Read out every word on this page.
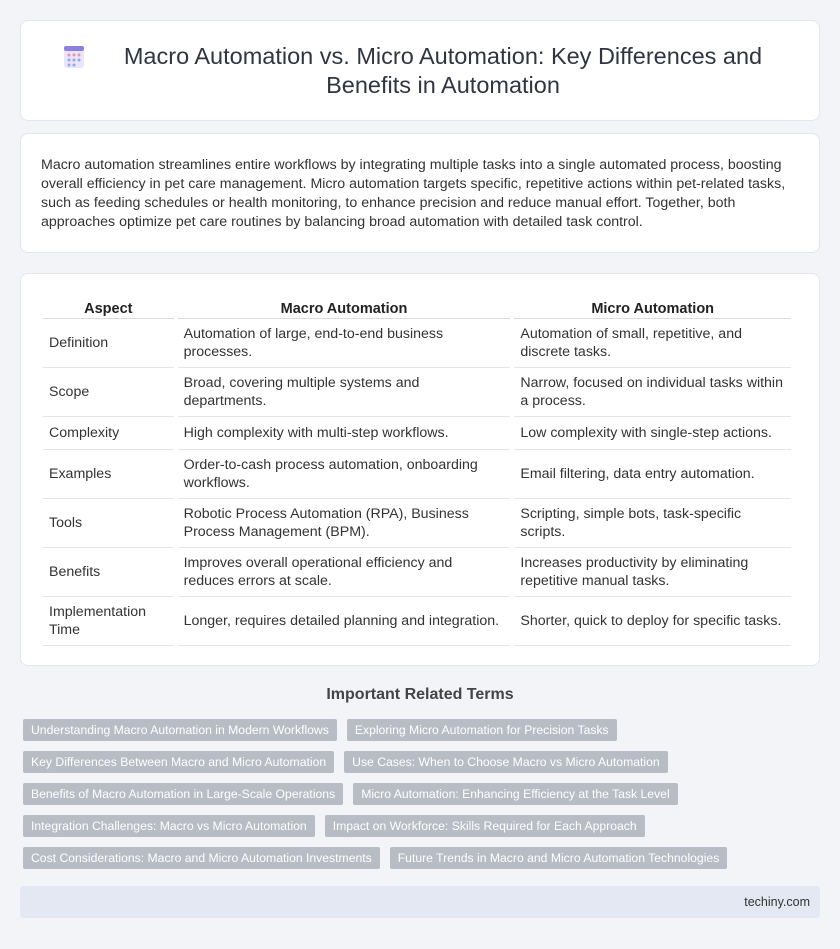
Macro Automation vs. Micro Automation: Key Differences and Benefits in Automation

Macro automation streamlines entire workflows by integrating multiple tasks into a single automated process, boosting overall efficiency in pet care management. Micro automation targets specific, repetitive actions within pet-related tasks, such as feeding schedules or health monitoring, to enhance precision and reduce manual effort. Together, both approaches optimize pet care routines by balancing broad automation with detailed task control.

Aspect	Macro Automation	Micro Automation
Definition	Automation of large, end-to-end business processes.	Automation of small, repetitive, and discrete tasks.
Scope	Broad, covering multiple systems and departments.	Narrow, focused on individual tasks within a process.
Complexity	High complexity with multi-step workflows.	Low complexity with single-step actions.
Examples	Order-to-cash process automation, onboarding workflows.	Email filtering, data entry automation.
Tools	Robotic Process Automation (RPA), Business Process Management (BPM).	Scripting, simple bots, task-specific scripts.
Benefits	Improves overall operational efficiency and reduces errors at scale.	Increases productivity by eliminating repetitive manual tasks.
Implementation Time	Longer, requires detailed planning and integration.	Shorter, quick to deploy for specific tasks.
Important Related Terms
Understanding Macro Automation in Modern Workflows	Exploring Micro Automation for Precision Tasks
Key Differences Between Macro and Micro Automation	Use Cases: When to Choose Macro vs Micro Automation
Benefits of Macro Automation in Large-Scale Operations	Micro Automation: Enhancing Efficiency at the Task Level
Integration Challenges: Macro vs Micro Automation	Impact on Workforce: Skills Required for Each Approach
Cost Considerations: Macro and Micro Automation Investments	Future Trends in Macro and Micro Automation Technologies
techiny.com
